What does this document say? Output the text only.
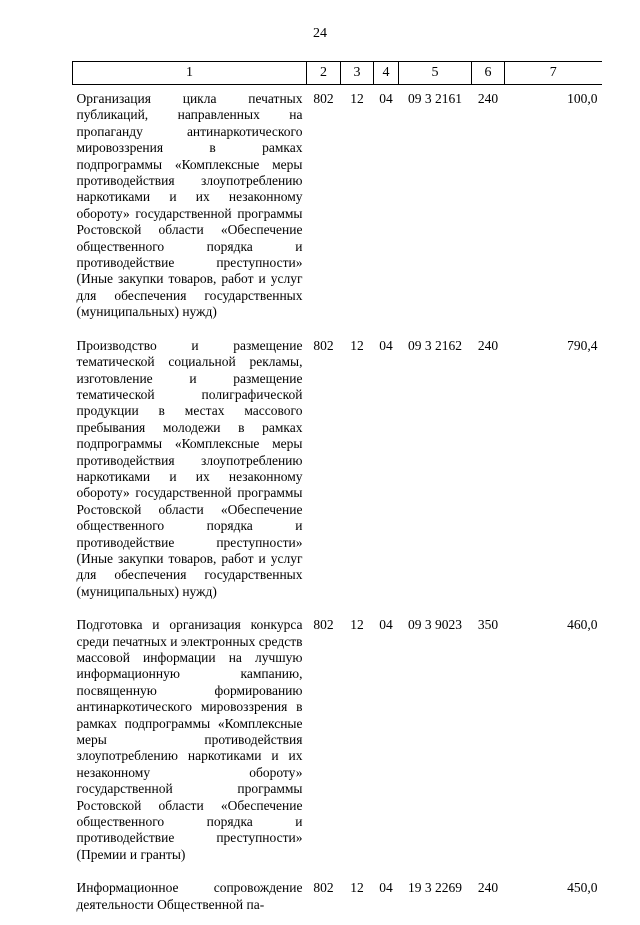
24
1	2	3	4	5	6	7
Организация цикла печатных публикаций, направленных на пропаганду антинаркотического мировоззрения в рамках подпрограммы «Комплексные меры противодействия злоупотреблению наркотиками и их незаконному обороту» государственной программы Ростовской области «Обеспечение общественного порядка и противодействие преступности» (Иные закупки товаров, работ и услуг для обеспечения государственных (муниципальных) нужд)	802	12	04	09 3 2161	240	100,0
Производство и размещение тематической социальной рекламы, изготовление и размещение тематической полиграфической продукции в местах массового пребывания молодежи в рамках подпрограммы «Комплексные меры противодействия злоупотреблению наркотиками и их незаконному обороту» государственной программы Ростовской области «Обеспечение общественного порядка и противодействие преступности» (Иные закупки товаров, работ и услуг для обеспечения государственных (муниципальных) нужд)	802	12	04	09 3 2162	240	790,4
Подготовка и организация конкурса среди печатных и электронных средств массовой информации на лучшую информационную кампанию, посвященную формированию антинаркотического мировоззрения в рамках подпрограммы «Комплексные меры противодействия злоупотреблению наркотиками и их незаконному обороту» государственной программы Ростовской области «Обеспечение общественного порядка и противодействие преступности» (Премии и гранты)	802	12	04	09 3 9023	350	460,0
Информационное сопровождение деятельности Общественной па-	802	12	04	19 3 2269	240	450,0
